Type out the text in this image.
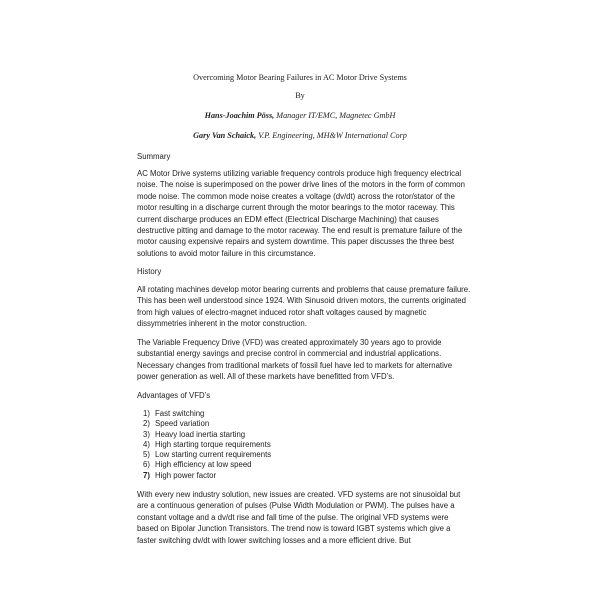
Overcoming Motor Bearing Failures in AC Motor Drive Systems
By
Hans-Joachim Pöss, Manager IT/EMC, Magnetec GmbH
Gary Van Schaick, V.P. Engineering, MH&W International Corp
Summary
AC Motor Drive systems utilizing variable frequency controls produce high frequency electrical noise. The noise is superimposed on the power drive lines of the motors in the form of common mode noise. The common mode noise creates a voltage (dv/dt) across the rotor/stator of the motor resulting in a discharge current through the motor bearings to the motor raceway. This current discharge produces an EDM effect (Electrical Discharge Machining) that causes destructive pitting and damage to the motor raceway. The end result is premature failure of the motor causing expensive repairs and system downtime. This paper discusses the three best solutions to avoid motor failure in this circumstance.
History
All rotating machines develop motor bearing currents and problems that cause premature failure. This has been well understood since 1924. With Sinusoid driven motors, the currents originated from high values of electro-magnet induced rotor shaft voltages caused by magnetic dissymmetries inherent in the motor construction.
The Variable Frequency Drive (VFD) was created approximately 30 years ago to provide substantial energy savings and precise control in commercial and industrial applications. Necessary changes from traditional markets of fossil fuel have led to markets for alternative power generation as well. All of these markets have benefitted from VFD’s.
Advantages of VFD’s
1) Fast switching
2) Speed variation
3) Heavy load inertia starting
4) High starting torque requirements
5) Low starting current requirements
6) High efficiency at low speed
7) High power factor
With every new industry solution, new issues are created. VFD systems are not sinusoidal but are a continuous generation of pulses (Pulse Width Modulation or PWM). The pulses have a constant voltage and a dv/dt rise and fall time of the pulse. The original VFD systems were based on Bipolar Junction Transistors. The trend now is toward IGBT systems which give a faster switching dv/dt with lower switching losses and a more efficient drive. But
